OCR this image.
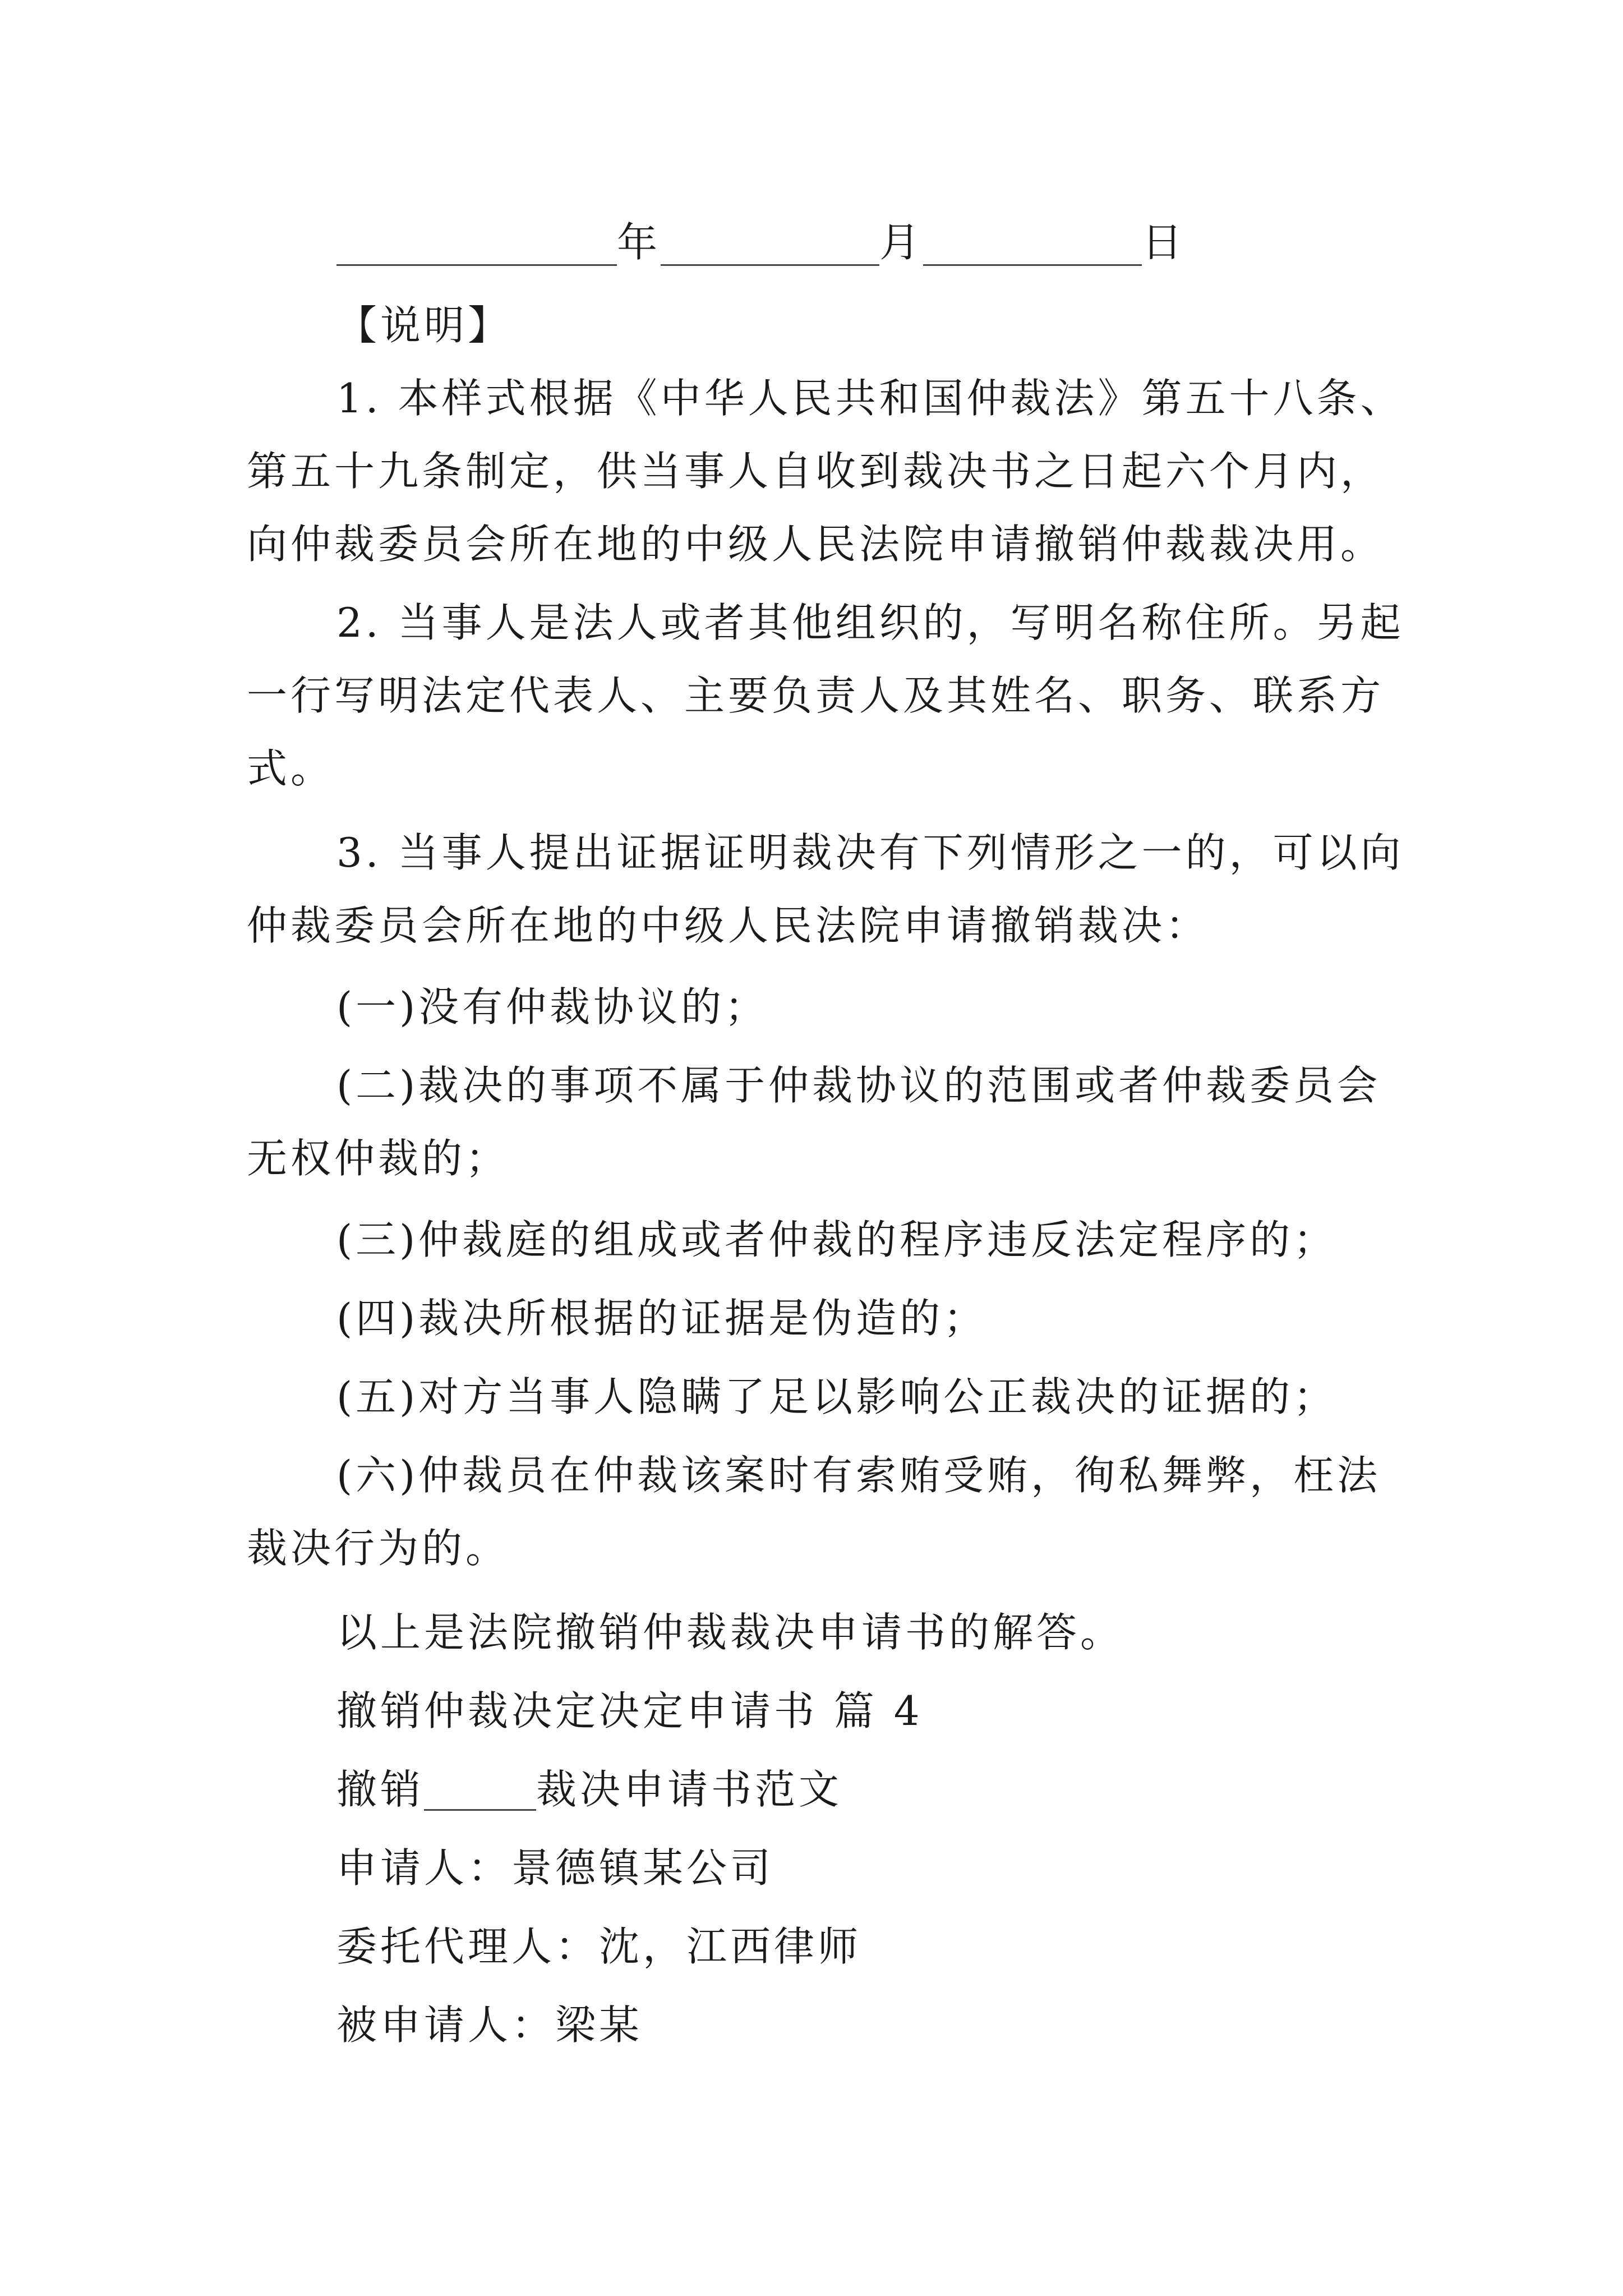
年	月	日
【说明】
1. 本样式根据《中华人民共和国仲裁法》第五十八条、
第五十九条制定，供当事人自收到裁决书之日起六个月内，
向仲裁委员会所在地的中级人民法院申请撤销仲裁裁决用。
2. 当事人是法人或者其他组织的，写明名称住所。另起
一行写明法定代表人、主要负责人及其姓名、职务、联系方
式。
3. 当事人提出证据证明裁决有下列情形之一的，可以向
仲裁委员会所在地的中级人民法院申请撤销裁决：
(一)没有仲裁协议的；
(二)裁决的事项不属于仲裁协议的范围或者仲裁委员会
无权仲裁的；
(三)仲裁庭的组成或者仲裁的程序违反法定程序的；
(四)裁决所根据的证据是伪造的；
(五)对方当事人隐瞒了足以影响公正裁决的证据的；
(六)仲裁员在仲裁该案时有索贿受贿，徇私舞弊，枉法
裁决行为的。
以上是法院撤销仲裁裁决申请书的解答。
撤销仲裁决定决定申请书 篇 4
撤销	裁决申请书范文
申请人：景德镇某公司
委托代理人：沈，江西律师
被申请人：梁某
